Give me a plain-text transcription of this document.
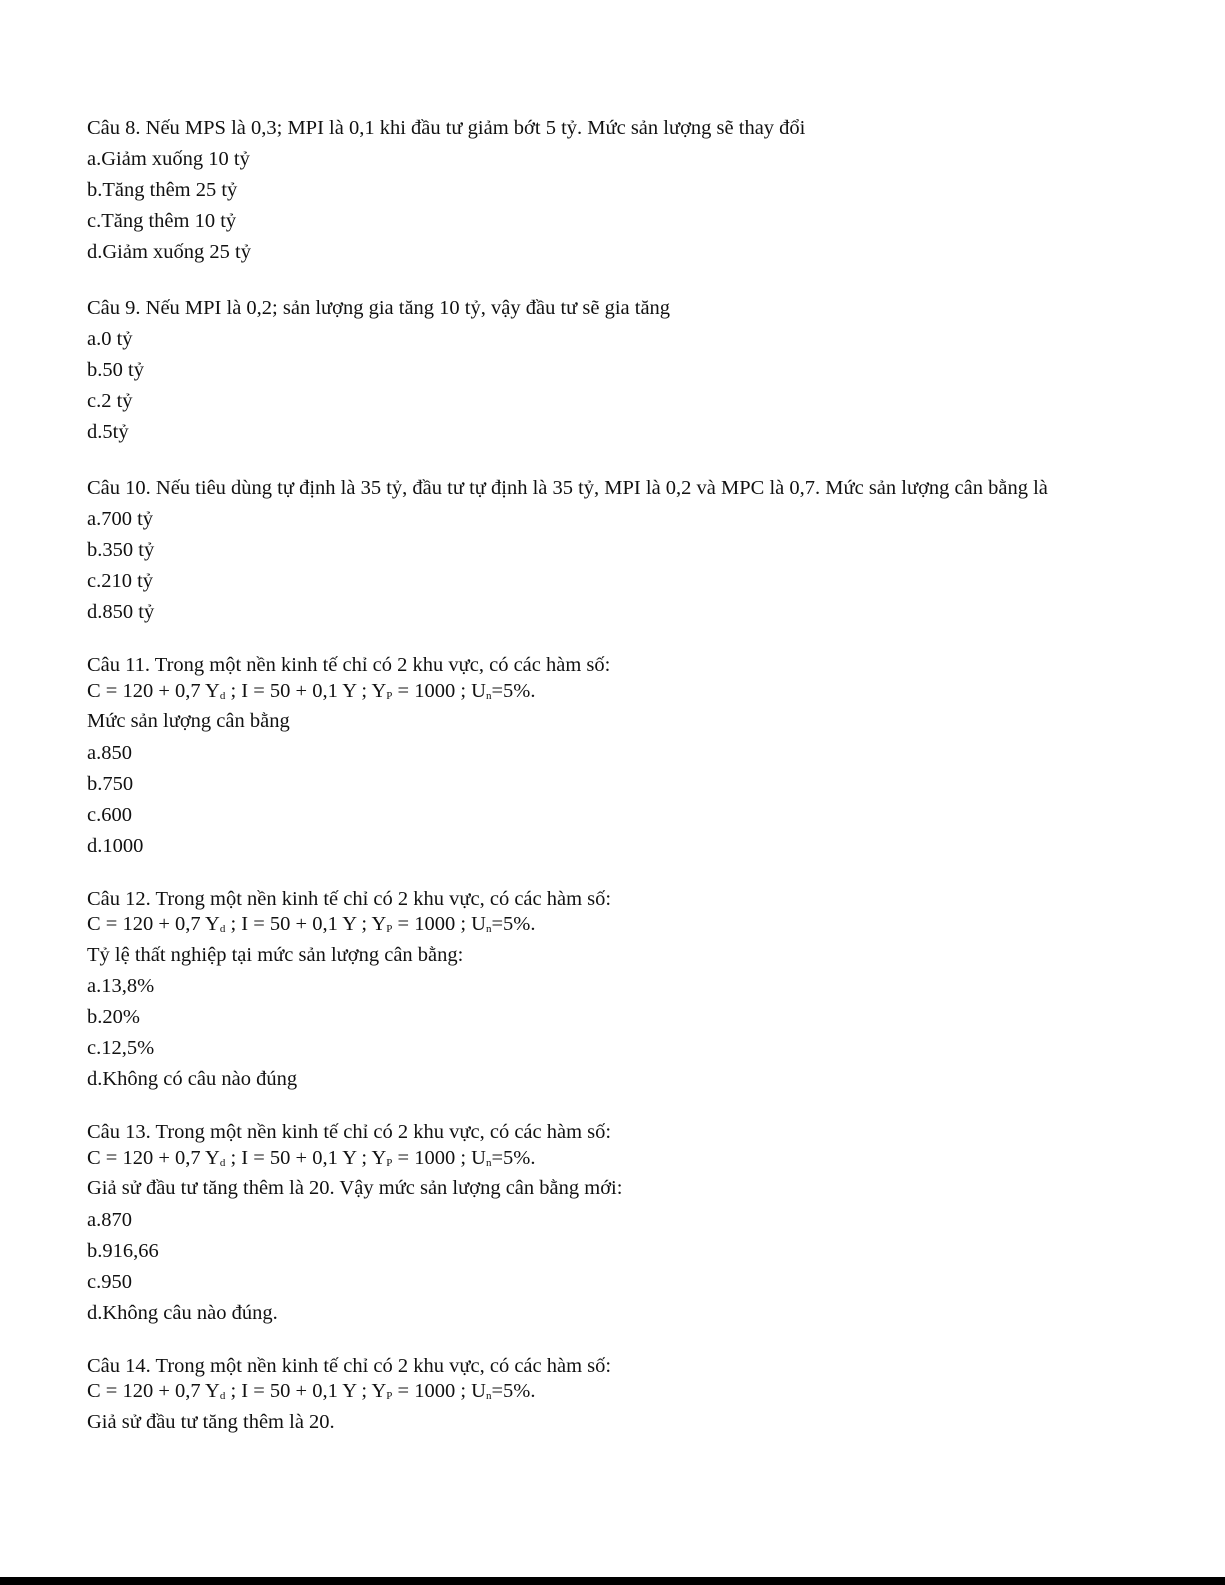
Câu 8. Nếu MPS là 0,3; MPI là 0,1 khi đầu tư giảm bớt 5 tỷ. Mức sản lượng sẽ thay đổi
a.Giảm xuống 10 tỷ
b.Tăng thêm 25 tỷ
c.Tăng thêm 10 tỷ
d.Giảm xuống 25 tỷ
Câu 9. Nếu MPI là 0,2; sản lượng gia tăng 10 tỷ, vậy đầu tư sẽ gia tăng
a.0 tỷ
b.50 tỷ
c.2 tỷ
d.5tỷ
Câu 10. Nếu tiêu dùng tự định là 35 tỷ, đầu tư tự định là 35 tỷ, MPI là 0,2 và MPC là 0,7. Mức sản lượng cân bằng là
a.700 tỷ
b.350 tỷ
c.210 tỷ
d.850 tỷ
Câu 11. Trong một nền kinh tế chỉ có 2 khu vực, có các hàm số:
C = 120 + 0,7 Yd ; I = 50 + 0,1 Y ; YP = 1000 ; Un=5%.
Mức sản lượng cân bằng
a.850
b.750
c.600
d.1000
Câu 12. Trong một nền kinh tế chỉ có 2 khu vực, có các hàm số:
C = 120 + 0,7 Yd ; I = 50 + 0,1 Y ; YP = 1000 ; Un=5%.
Tỷ lệ thất nghiệp tại mức sản lượng cân bằng:
a.13,8%
b.20%
c.12,5%
d.Không có câu nào đúng
Câu 13. Trong một nền kinh tế chỉ có 2 khu vực, có các hàm số:
C = 120 + 0,7 Yd ; I = 50 + 0,1 Y ; YP = 1000 ; Un=5%.
Giả sử đầu tư tăng thêm là 20. Vậy mức sản lượng cân bằng mới:
a.870
b.916,66
c.950
d.Không câu nào đúng.
Câu 14. Trong một nền kinh tế chỉ có 2 khu vực, có các hàm số:
C = 120 + 0,7 Yd ; I = 50 + 0,1 Y ; YP = 1000 ; Un=5%.
Giả sử đầu tư tăng thêm là 20.
